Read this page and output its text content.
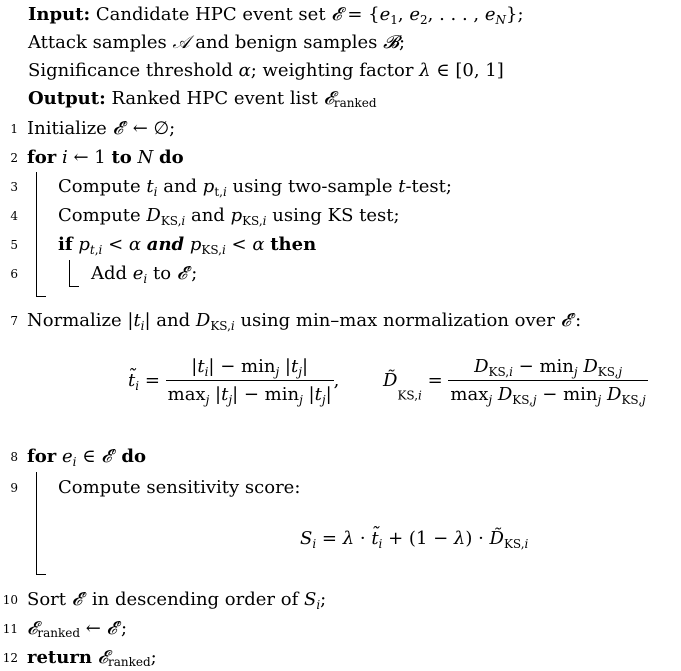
Input: Candidate HPC event set 𝓔 = {$e_1$, $e_2$, . . . , $e_N$};
Attack samples 𝒜 and benign samples 𝓑;
Significance threshold α; weighting factor λ ∈ [0, 1]
Output: Ranked HPC event list 𝓔$_{ranked}$
1
2
3
4
5
6
7
8
9
10
11
12
Initialize 𝓔′ ← ∅;
for i ← 1 to N do
Compute $t_i$ and $p_{t,i}$ using two-sample t-test;
Compute $D_{KS,i}$ and $p_{KS,i}$ using KS test;
if $p_{t,i} < \alpha$ and $p_{KS,i} < \alpha$ then
Add $e_i$ to 𝓔′;
Normalize $|t_i|$ and $D_{KS,i}$ using min–max normalization over 𝓔′:
$t̃_i = \frac{|t_i| - \min_j |t_j|}{\max_j |t_j| - \min_j |t_j|}$ , $D̃_{KS,i} = \frac{D_{KS,i} - \min_j D_{KS,j}}{\max_j D_{KS,j} - \min_j D_{KS,j}}$
for $e_i$ ∈ 𝓔′ do
Compute sensitivity score:
$S_i = \lambda$ · $t̃_i + (1 - \lambda)$ · $D̃_{KS,i}$
Sort 𝓔′ in descending order of $S_i$;
𝓔$_{ranked}$ ← 𝓔′;
return 𝓔$_{ranked}$;
